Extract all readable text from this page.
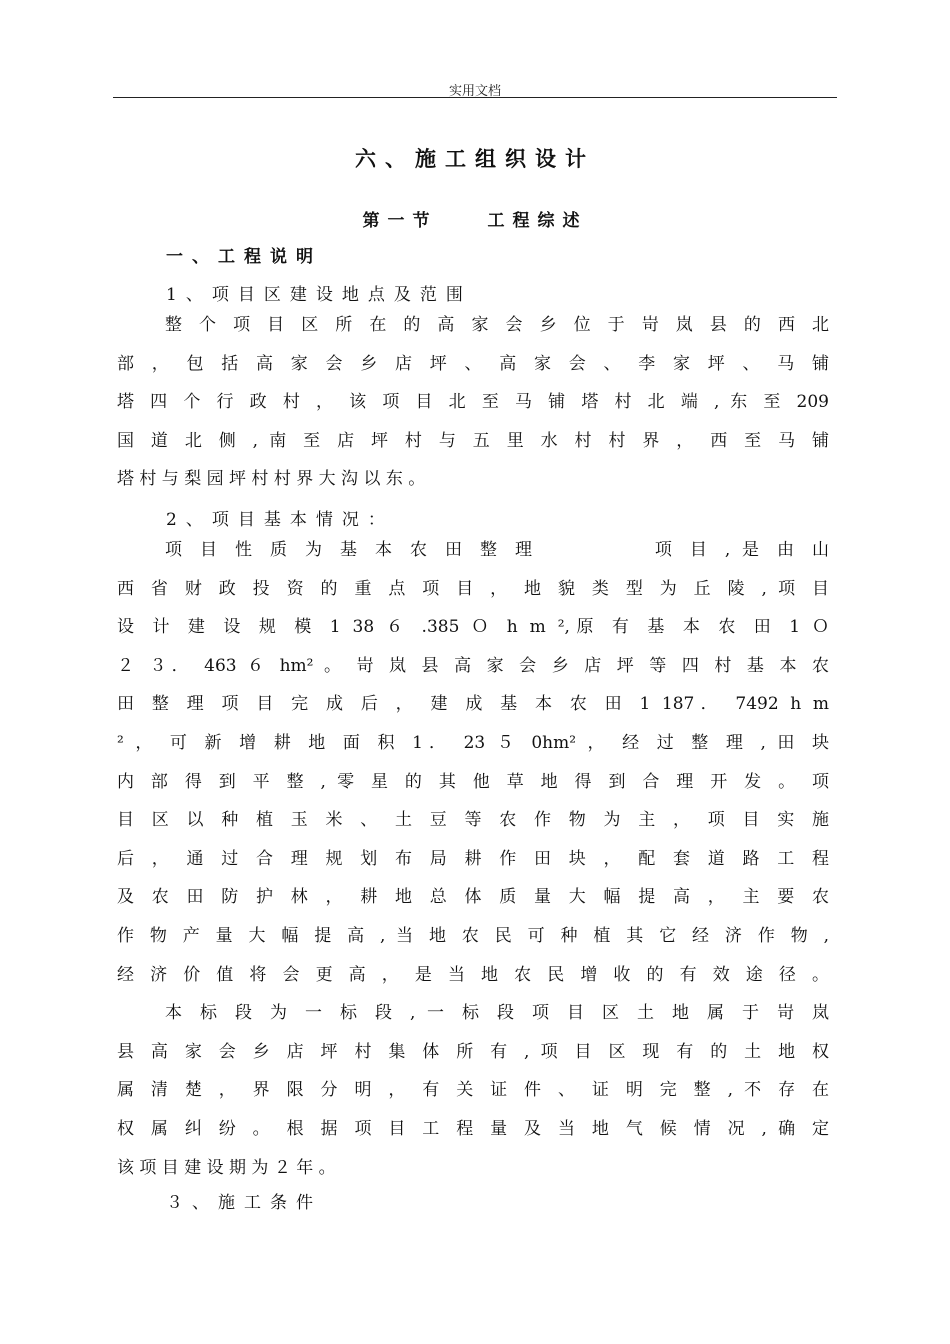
实用文档
六、施工组织设计
第一节　　	工程综述
一、工程说明
1、项目区建设地点及范围
整 个 项 目 区 所 在 的 高 家 会 乡 位 于 岢 岚 县 的 西 北
部 ， 包 括 高 家 会 乡 店 坪 、 高 家 会 、 李 家 坪 、 马 铺
塔 四 个 行 政 村 ， 该 项 目 北 至 马 铺 塔 村 北 端 , 东 至 209
国 道 北 侧 , 南 至 店 坪 村 与 五 里 水 村 村 界 ， 西 至 马 铺
塔 村 与 梨 园 坪 村 村 界 大 沟 以 东 。
2、项目基本情况：
项 目 性 质 为 基 本 农 田 整 理 　　　　 项 目 , 是 由 山
西 省 财 政 投 资 的 重 点 项 目 ， 地 貌 类 型 为 丘 陵 , 项 目
设 计 建 设 规 模 1 38 ６ .385 Ｏ h m ²,原 有 基 本 农 田 1 Ｏ
２ ３． 463 ６ hm² 。 岢 岚 县 高 家 会 乡 店 坪 等 四 村 基 本 农
田 整 理 项 目 完 成 后 ， 建 成 基 本 农 田 1 187． 7492 h m
² ， 可 新 增 耕 地 面 积 1． 23 ５ 0hm² ， 经 过 整 理 , 田 块
内 部 得 到 平 整 , 零 星 的 其 他 草 地 得 到 合 理 开 发 。 项
目 区 以 种 植 玉 米 、 土 豆 等 农 作 物 为 主 ， 项 目 实 施
后 ， 通 过 合 理 规 划 布 局 耕 作 田 块 ， 配 套 道 路 工 程
及 农 田 防 护 林 ， 耕 地 总 体 质 量 大 幅 提 高 ， 主 要 农
作 物 产 量 大 幅 提 高 , 当 地 农 民 可 种 植 其 它 经 济 作 物 ,
经 济 价 值 将 会 更 高 ， 是 当 地 农 民 增 收 的 有 效 途 径 。
本 标 段 为 一 标 段 , 一 标 段 项 目 区 土 地 属 于 岢 岚
县 高 家 会 乡 店 坪 村 集 体 所 有 , 项 目 区 现 有 的 土 地 权
属 清 楚 ， 界 限 分 明 ， 有 关 证 件 、 证 明 完 整 , 不 存 在
权 属 纠 纷 。 根 据 项 目 工 程 量 及 当 地 气 候 情 况 , 确 定
该 项 目 建 设 期 为 ２ 年 。
３、施工条件
